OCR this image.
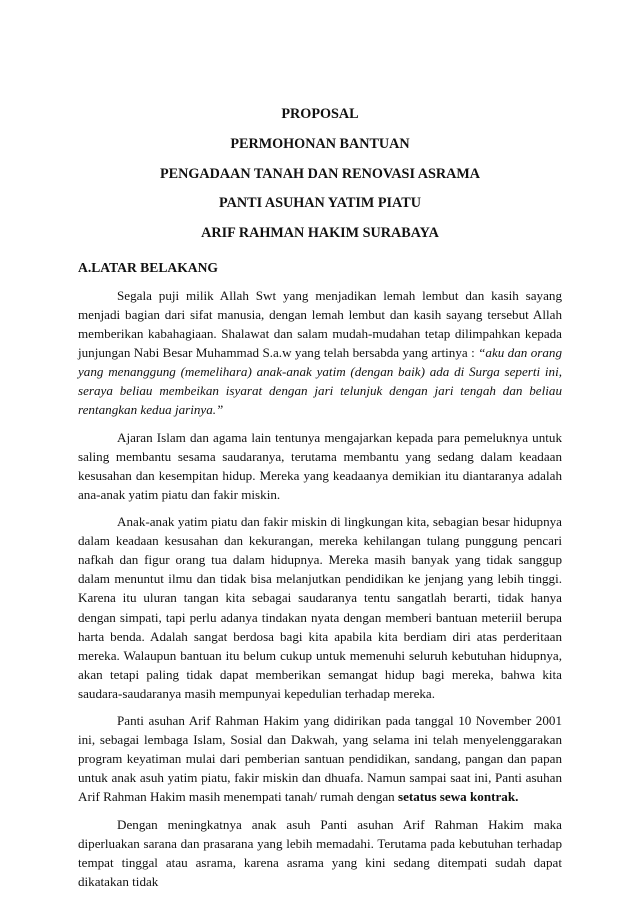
PROPOSAL
PERMOHONAN BANTUAN
PENGADAAN TANAH DAN RENOVASI ASRAMA
PANTI ASUHAN YATIM PIATU
ARIF RAHMAN HAKIM SURABAYA
A.LATAR BELAKANG

Segala puji milik Allah Swt yang menjadikan lemah lembut dan kasih sayang menjadi bagian dari sifat manusia, dengan lemah lembut dan kasih sayang tersebut Allah memberikan kabahagiaan. Shalawat dan salam mudah-mudahan tetap dilimpahkan kepada junjungan Nabi Besar Muhammad S.a.w yang telah bersabda yang artinya : “aku dan orang yang menanggung (memelihara) anak-anak yatim (dengan baik) ada di Surga seperti ini, seraya beliau membeikan isyarat dengan jari telunjuk dengan jari tengah dan beliau rentangkan kedua jarinya.”

Ajaran Islam dan agama lain tentunya mengajarkan kepada para pemeluknya untuk saling membantu sesama saudaranya, terutama membantu yang sedang dalam keadaan kesusahan dan kesempitan hidup. Mereka yang keadaanya demikian itu diantaranya adalah ana-anak yatim piatu dan fakir miskin.

Anak-anak yatim piatu dan fakir miskin di lingkungan kita, sebagian besar hidupnya dalam keadaan kesusahan dan kekurangan, mereka kehilangan tulang punggung pencari nafkah dan figur orang tua dalam hidupnya. Mereka masih banyak yang tidak sanggup dalam menuntut ilmu dan tidak bisa melanjutkan pendidikan ke jenjang yang lebih tinggi. Karena itu uluran tangan kita sebagai saudaranya tentu sangatlah berarti, tidak hanya dengan simpati, tapi perlu adanya tindakan nyata dengan memberi bantuan meteriil berupa harta benda. Adalah sangat berdosa bagi kita apabila kita berdiam diri atas perderitaan mereka. Walaupun bantuan itu belum cukup untuk memenuhi seluruh kebutuhan hidupnya, akan tetapi paling tidak dapat memberikan semangat hidup bagi mereka, bahwa kita saudara-saudaranya masih mempunyai kepedulian terhadap mereka.

Panti asuhan Arif Rahman Hakim yang didirikan pada tanggal 10 November 2001 ini, sebagai lembaga Islam, Sosial dan Dakwah, yang selama ini telah menyelenggarakan program keyatiman mulai dari pemberian santuan pendidikan, sandang, pangan dan papan untuk anak asuh yatim piatu, fakir miskin dan dhuafa. Namun sampai saat ini, Panti asuhan Arif Rahman Hakim masih menempati tanah/ rumah dengan setatus sewa kontrak.

Dengan meningkatnya anak asuh Panti asuhan Arif Rahman Hakim maka diperluakan sarana dan prasarana yang lebih memadahi. Terutama pada kebutuhan terhadap tempat tinggal atau asrama, karena asrama yang kini sedang ditempati sudah dapat dikatakan tidak
